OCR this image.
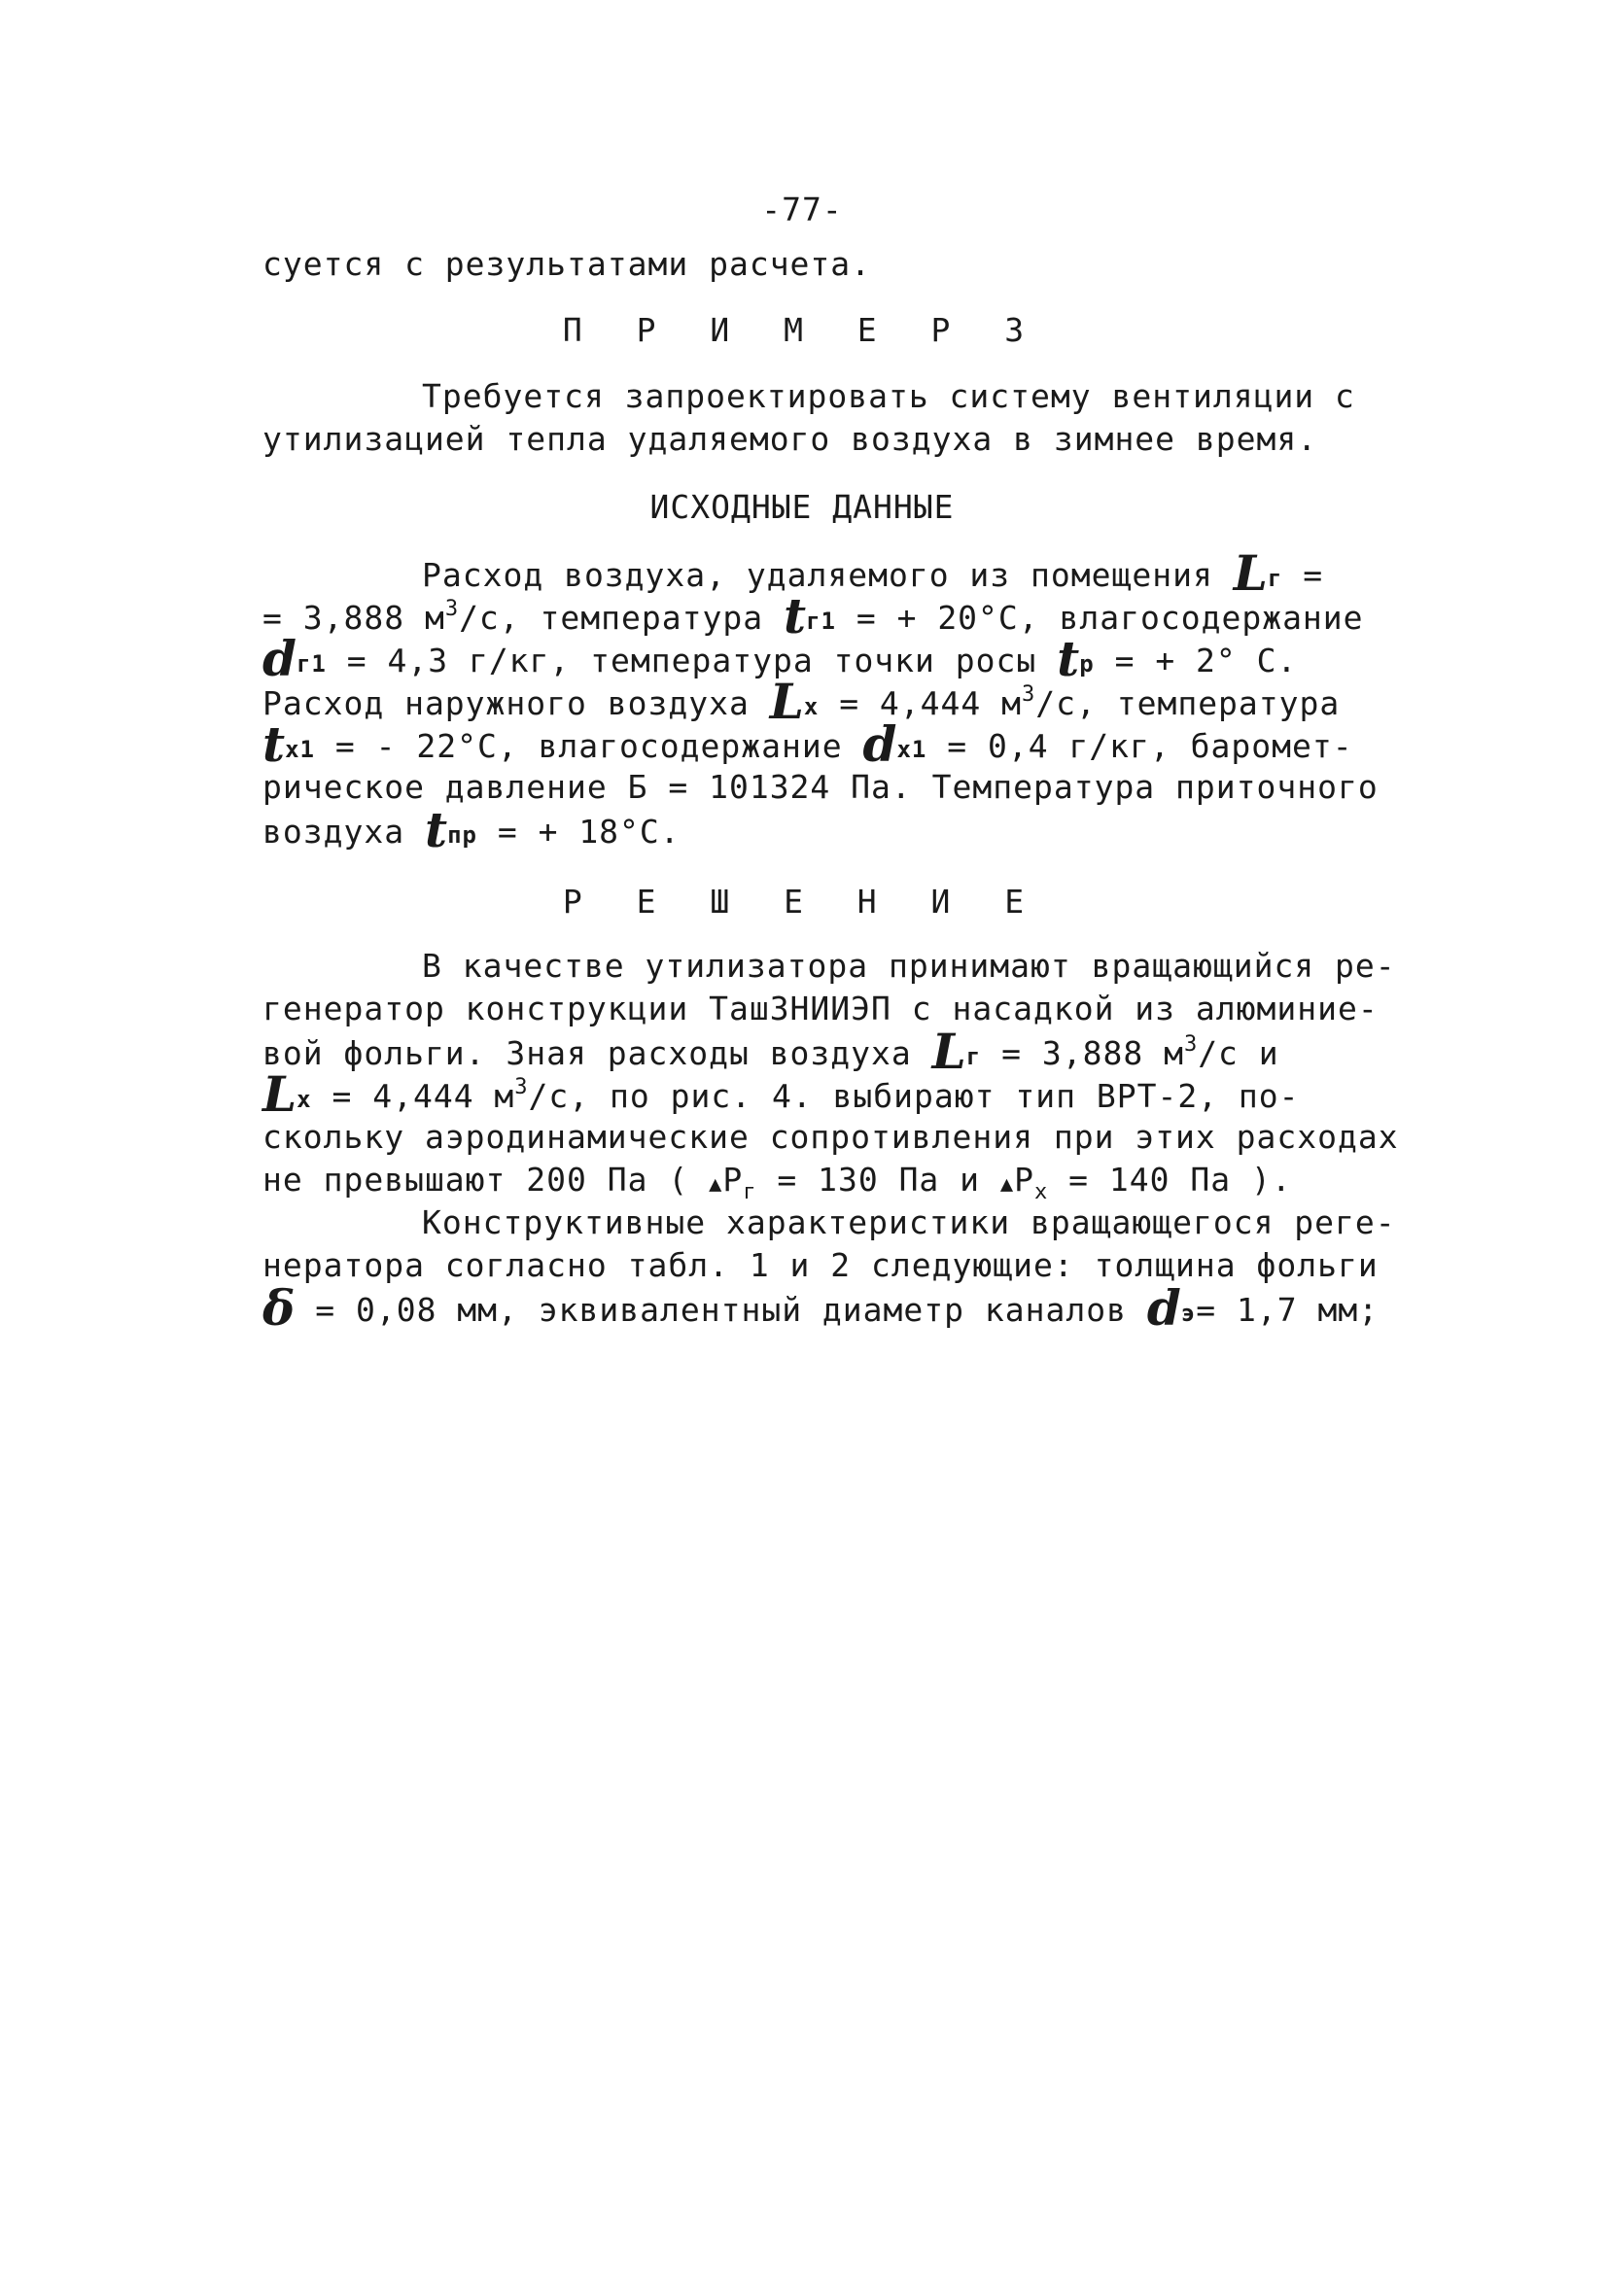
-77-
суется с результатами расчета.
П Р И М Е Р 3
Требуется запроектировать систему вентиляции с
утилизацией тепла удаляемого воздуха в зимнее время.
ИСХОДНЫЕ ДАННЫЕ
Расход воздуха, удаляемого из помещения Lг =
= 3,888 $м^3/с$, температура tг1 = + 20°С, влагосодержание
dг1 = 4,3 г/кг, температура точки росы tр = + 2° С.
Расход наружного воздуха Lх = 4,444 $м^3/с$, температура
tх1 = - 22°С, влагосодержание dх1 = 0,4 г/кг, баромет-
рическое давление Б = 101324 Па. Температура приточного
воздуха tпр = + 18°С.
Р Е Ш Е Н И Е
В качестве утилизатора принимают вращающийся ре-
генератор конструкции ТашЗНИИЭП с насадкой из алюминие-
вой фольги. Зная расходы воздуха Lг = 3,888 $м^3/с$ и
Lх = 4,444 $м^3/с$, по рис. 4. выбирают тип ВРТ-2, по-
скольку аэродинамические сопротивления при этих расходах
не превышают 200 Па ( $▲P_г = 130$ Па и $▲P_х = 140$ Па ).
Конструктивные характеристики вращающегося реге-
нератора согласно табл. 1 и 2 следующие: толщина фольги
δ = 0,08 мм, эквивалентный диаметр каналов dэ= 1,7 мм;
